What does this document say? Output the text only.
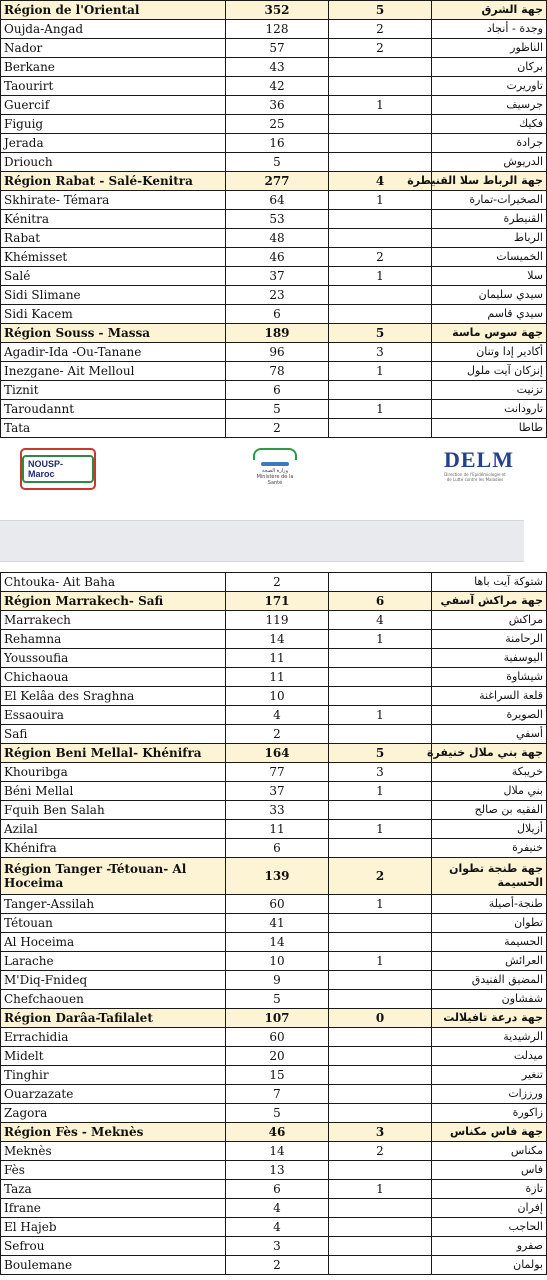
Région de l'Oriental	352	5	جهة الشرق
Oujda-Angad	128	2	وجدة - أنجاد
Nador	57	2	الناظور
Berkane	43		بركان
Taourirt	42		تاوريرت
Guercif	36	1	جرسيف
Figuig	25		فكيك
Jerada	16		جرادة
Driouch	5		الدريوش
Région Rabat - Salé-Kenitra	277	4	جهة الرباط سلا القنيطرة
Skhirate- Témara	64	1	الصخيرات-تمارة
Kénitra	53		القنيطرة
Rabat	48		الرباط
Khémisset	46	2	الخميسات
Salé	37	1	سلا
Sidi Slimane	23		سيدي سليمان
Sidi Kacem	6		سيدي قاسم
Région Souss - Massa	189	5	جهة سوس ماسة
Agadir-Ida -Ou-Tanane	96	3	أكادير إدا وتنان
Inezgane- Ait Melloul	78	1	إنزكان آيت ملول
Tiznit	6		تزنيت
Taroudannt	5	1	تارودانت
Tata	2		طاطا
NOUSP-Maroc	وزارة الصحة
Ministère de la Santé
DELM
Direction de l'Epidémiologie et de Lutte contre les Maladies
Chtouka- Ait Baha	2		شتوكة آيت باها
Région Marrakech- Safi	171	6	جهة مراكش آسفي
Marrakech	119	4	مراكش
Rehamna	14	1	الرحامنة
Youssoufia	11		اليوسفية
Chichaoua	11		شيشاوة
El Kelâa des Sraghna	10		قلعة السراغنة
Essaouira	4	1	الصويرة
Safi	2		أسفي
Région Beni Mellal- Khénifra	164	5	جهة بني ملال خنيفرة
Khouribga	77	3	خريبكة
Béni Mellal	37	1	بني ملال
Fquih Ben Salah	33		الفقيه بن صالح
Azilal	11	1	أزيلال
Khénifra	6		خنيفرة
Région Tanger -Tétouan- Al Hoceima	139	2	جهة طنجة تطوان الحسيمة
Tanger-Assilah	60	1	طنجة-أصيلة
Tétouan	41		تطوان
Al Hoceima	14		الحسيمة
Larache	10	1	العرائش
M'Diq-Fnideq	9		المضيق الفنيدق
Chefchaouen	5		شفشاون
Région Darâa-Tafilalet	107	0	جهة درعة تافيلالت
Errachidia	60		الرشيدية
Midelt	20		ميدلت
Tinghir	15		تنغير
Ouarzazate	7		ورززات
Zagora	5		زاكورة
Région Fès - Meknès	46	3	جهة فاس مكناس
Meknès	14	2	مكناس
Fès	13		فاس
Taza	6	1	تازة
Ifrane	4		إفران
El Hajeb	4		الحاجب
Sefrou	3		صفرو
Boulemane	2		بولمان
